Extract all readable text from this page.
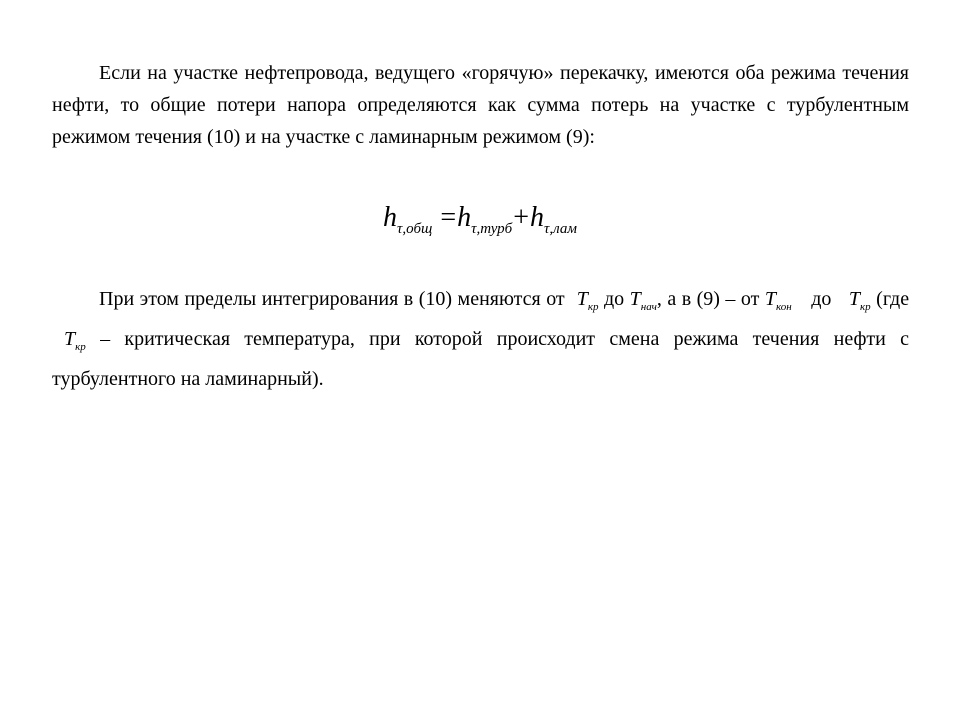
Если на участке нефтепровода, ведущего «горячую» перекачку, имеются оба режима течения нефти, то общие потери напора определяются как сумма потерь на участке с турбулентным режимом течения (10) и на участке с ламинарным режимом (9):

$h_{\tau,общ} =h_{\tau,турб}+h_{\tau,лам}$

При этом пределы интегрирования в (10) меняются от $T_{кр}$ до $T_{нач}$, а в (9) – от $T_{кон}$ до $T_{кр}$ (где $T_{кр}$ – критическая температура, при которой происходит смена режима течения нефти с турбулентного на ламинарный).
